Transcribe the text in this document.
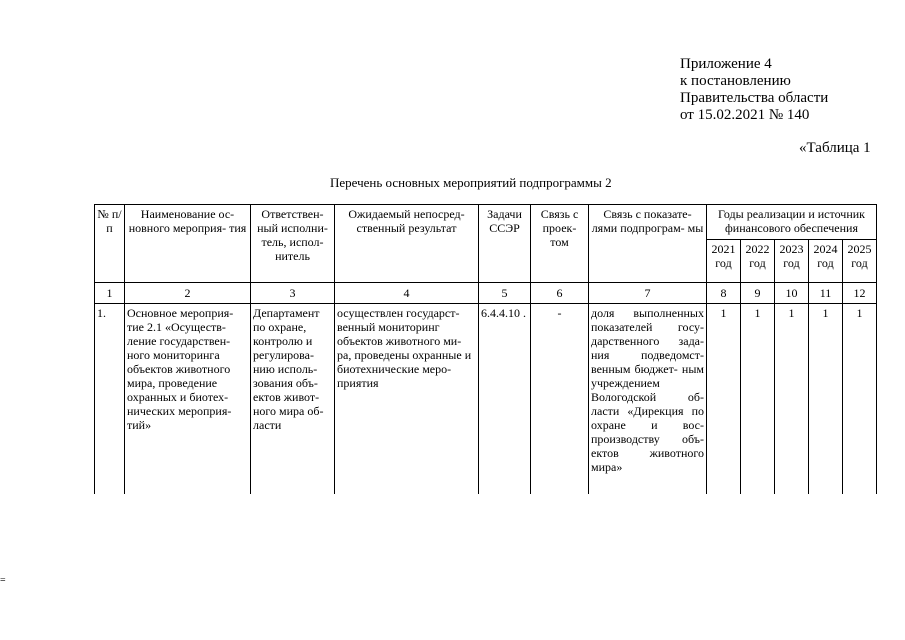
Приложение 4
к постановлению
Правительства области
от 15.02.2021 № 140
«Таблица 1
Перечень основных мероприятий подпрограммы 2
№ п/п	Наименование ос- новного мероприя- тия	Ответствен- ный исполни- тель, испол- нитель	Ожидаемый непосред- ственный результат	Задачи ССЭР	Связь с проек- том	Связь с показате- лями подпрограм- мы	Годы реализации и источник финансового обеспечения				
							2021 год	2022 год	2023 год	2024 год	2025 год
1	2	3	4	5	6	7	8	9	10	11	12
1.	Основное мероприя- тие 2.1 «Осуществ- ление государствен- ного мониторинга объектов животного мира, проведение охранных и биотех- нических мероприя- тий»	Департамент по охране, контролю и регулирова- нию исполь- зования объ- ектов живот- ного мира об- ласти	осуществлен государст- венный мониторинг объектов животного ми- ра, проведены охранные и биотехнические меро- приятия	6.4.4.10 .	-	доля выполненных показателей госу- дарственного зада- ния подведомст- венным бюджет- ным учреждением Вологодской об- ласти «Дирекция по охране и вос- производству объ- ектов животного мира»	1	1	1	1	1
=
